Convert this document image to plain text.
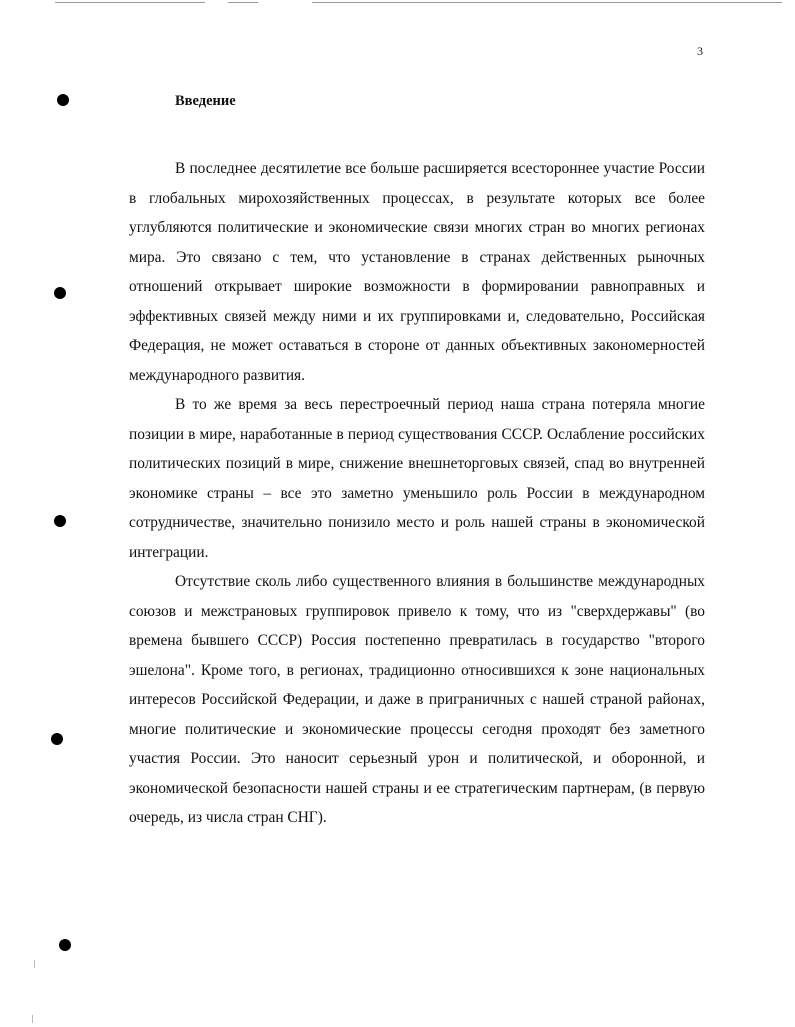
3
Введение

В последнее десятилетие все больше расширяется всестороннее участие России в глобальных мирохозяйственных процессах, в результате которых все более углубляются политические и экономические связи многих стран во многих регионах мира. Это связано с тем, что установление в странах действенных рыночных отношений открывает широкие возможности в формировании равноправных и эффективных связей между ними и их группировками и, следовательно, Российская Федерация, не может оставаться в стороне от данных объективных закономерностей международного развития.

В то же время за весь перестроечный период наша страна потеряла многие позиции в мире, наработанные в период существования СССР. Ослабление российских политических позиций в мире, снижение внешнеторговых связей, спад во внутренней экономике страны – все это заметно уменьшило роль России в международном сотрудничестве, значительно понизило место и роль нашей страны в экономической интеграции.

Отсутствие сколь либо существенного влияния в большинстве международных союзов и межстрановых группировок привело к тому, что из "сверхдержавы" (во времена бывшего СССР) Россия постепенно превратилась в государство "второго эшелона". Кроме того, в регионах, традиционно относившихся к зоне национальных интересов Российской Федерации, и даже в приграничных с нашей страной районах, многие политические и экономические процессы сегодня проходят без заметного участия России. Это наносит серьезный урон и политической, и оборонной, и экономической безопасности нашей страны и ее стратегическим партнерам, (в первую очередь, из числа стран СНГ).
